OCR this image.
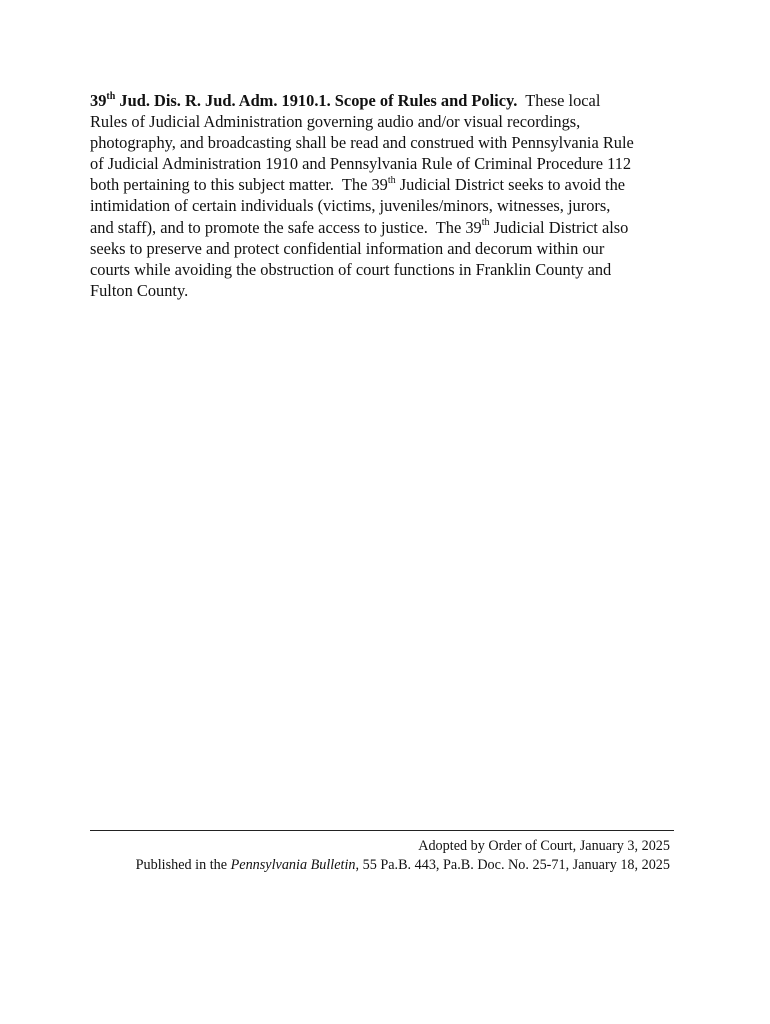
39th Jud. Dis. R. Jud. Adm. 1910.1. Scope of Rules and Policy.  These local
Rules of Judicial Administration governing audio and/or visual recordings,
photography, and broadcasting shall be read and construed with Pennsylvania Rule
of Judicial Administration 1910 and Pennsylvania Rule of Criminal Procedure 112
both pertaining to this subject matter.  The 39th Judicial District seeks to avoid the
intimidation of certain individuals (victims, juveniles/minors, witnesses, jurors,
and staff), and to promote the safe access to justice.  The 39th Judicial District also
seeks to preserve and protect confidential information and decorum within our
courts while avoiding the obstruction of court functions in Franklin County and
Fulton County.

Adopted by Order of Court, January 3, 2025
Published in the Pennsylvania Bulletin, 55 Pa.B. 443, Pa.B. Doc. No. 25-71, January 18, 2025
